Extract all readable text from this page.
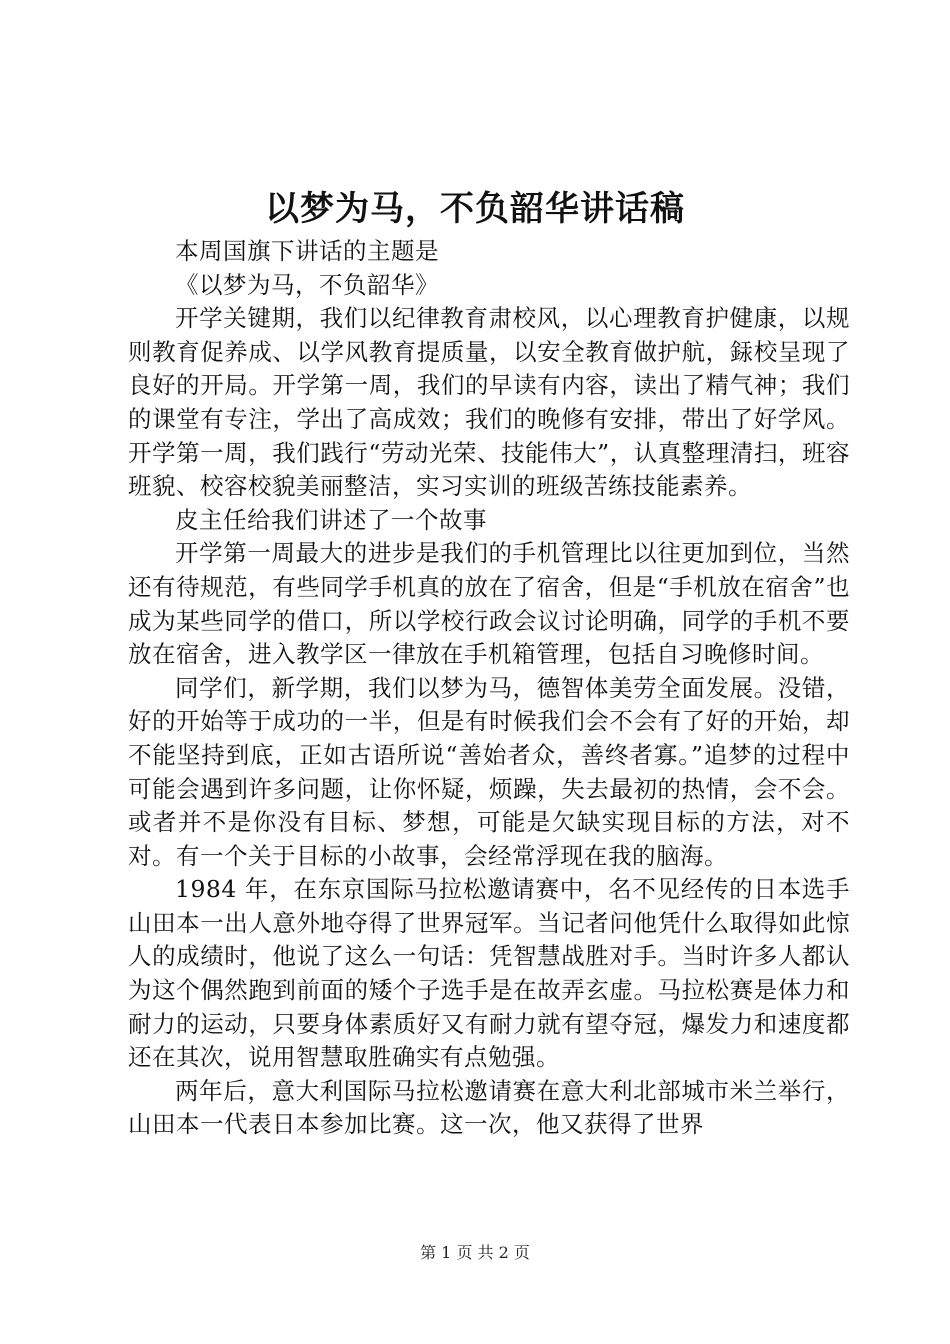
以梦为马，不负韶华讲话稿

本周国旗下讲话的主题是

《以梦为马，不负韶华》

开学关键期，我们以纪律教育肃校风，以心理教育护健康，以规则教育促养成、以学风教育提质量，以安全教育做护航，銾校呈现了良好的开局。开学第一周，我们的早读有内容，读出了精气神；我们的课堂有专注，学出了高成效；我们的晚修有安排，带出了好学风。开学第一周，我们践行“劳动光荣、技能伟大”，认真整理清扫，班容班貌、校容校貌美丽整洁，实习实训的班级苦练技能素养。

皮主任给我们讲述了一个故事

开学第一周最大的进步是我们的手机管理比以往更加到位，当然还有待规范，有些同学手机真的放在了宿舍，但是“手机放在宿舍”也成为某些同学的借口，所以学校行政会议讨论明确，同学的手机不要放在宿舍，进入教学区一律放在手机箱管理，包括自习晚修时间。

同学们，新学期，我们以梦为马，德智体美劳全面发展。没错，好的开始等于成功的一半，但是有时候我们会不会有了好的开始，却不能坚持到底，正如古语所说“善始者众，善终者寡。”追梦的过程中可能会遇到许多问题，让你怀疑，烦躁，失去最初的热情，会不会。或者并不是你没有目标、梦想，可能是欠缺实现目标的方法，对不对。有一个关于目标的小故事，会经常浮现在我的脑海。

1984 年，在东京国际马拉松邀请赛中，名不见经传的日本选手山田本一出人意外地夺得了世界冠军。当记者问他凭什么取得如此惊人的成绩时，他说了这么一句话：凭智慧战胜对手。当时许多人都认为这个偶然跑到前面的矮个子选手是在故弄玄虚。马拉松赛是体力和耐力的运动，只要身体素质好又有耐力就有望夺冠，爆发力和速度都还在其次，说用智慧取胜确实有点勉强。

两年后，意大利国际马拉松邀请赛在意大利北部城市米兰举行，山田本一代表日本参加比赛。这一次，他又获得了世界

第 1 页 共 2 页
